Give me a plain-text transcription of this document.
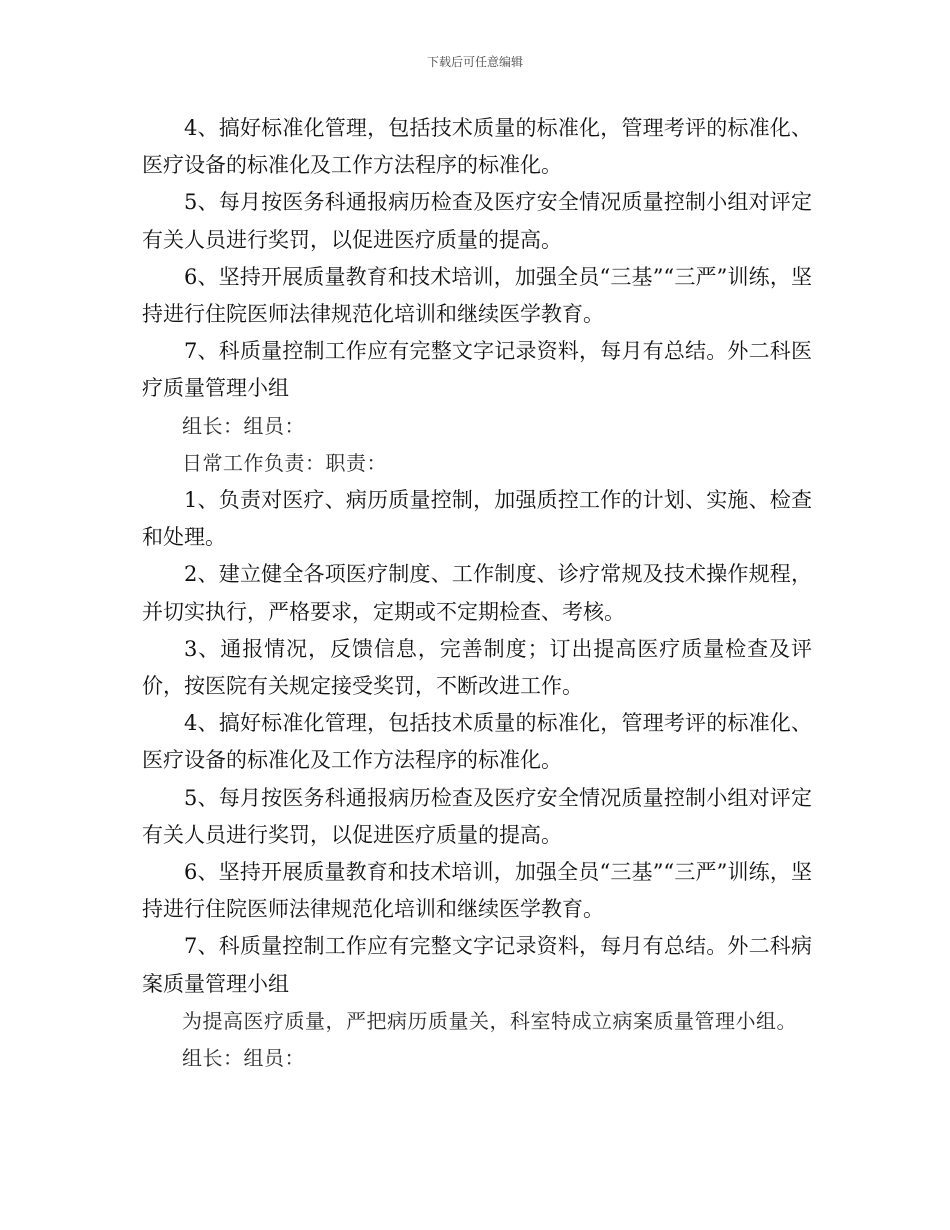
下载后可任意编辑

4、搞好标准化管理，包括技术质量的标准化，管理考评的标准化、医疗设备的标准化及工作方法程序的标准化。

5、每月按医务科通报病历检查及医疗安全情况质量控制小组对评定有关人员进行奖罚，以促进医疗质量的提高。

6、坚持开展质量教育和技术培训，加强全员“三基”“三严”训练，坚持进行住院医师法律规范化培训和继续医学教育。

7、科质量控制工作应有完整文字记录资料，每月有总结。外二科医疗质量管理小组

组长：组员：

日常工作负责：职责：

1、负责对医疗、病历质量控制，加强质控工作的计划、实施、检查和处理。

2、建立健全各项医疗制度、工作制度、诊疗常规及技术操作规程，并切实执行，严格要求，定期或不定期检查、考核。

3、通报情况，反馈信息，完善制度；订出提高医疗质量检查及评价，按医院有关规定接受奖罚，不断改进工作。

4、搞好标准化管理，包括技术质量的标准化，管理考评的标准化、医疗设备的标准化及工作方法程序的标准化。

5、每月按医务科通报病历检查及医疗安全情况质量控制小组对评定有关人员进行奖罚，以促进医疗质量的提高。

6、坚持开展质量教育和技术培训，加强全员“三基”“三严”训练，坚持进行住院医师法律规范化培训和继续医学教育。

7、科质量控制工作应有完整文字记录资料，每月有总结。外二科病案质量管理小组

为提高医疗质量，严把病历质量关，科室特成立病案质量管理小组。

组长：组员：
